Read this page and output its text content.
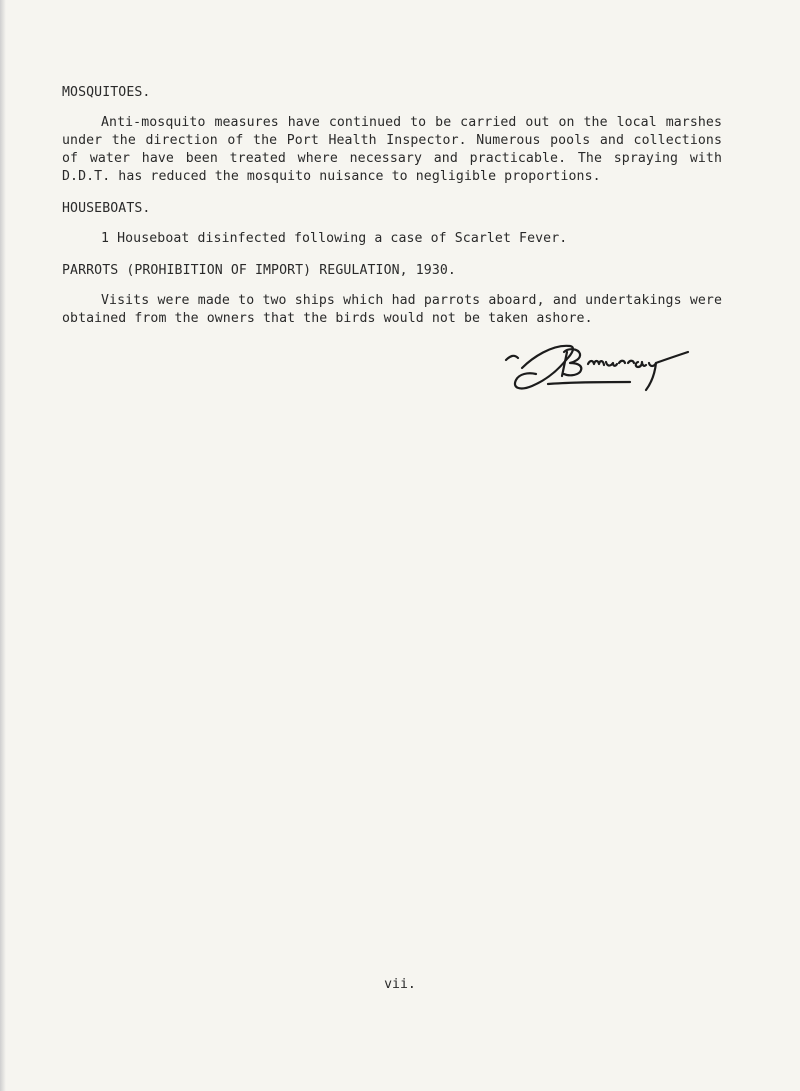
MOSQUITOES.

Anti-mosquito measures have continued to be carried out on the local marshes under the direction of the Port Health Inspector. Numerous pools and collections of water have been treated where necessary and practicable. The spraying with D.D.T. has reduced the mosquito nuisance to negligible proportions.

HOUSEBOATS.

1 Houseboat disinfected following a case of Scarlet Fever.

PARROTS (PROHIBITION OF IMPORT) REGULATION, 1930.

Visits were made to two ships which had parrots aboard, and undertakings were obtained from the owners that the birds would not be taken ashore.

vii.
